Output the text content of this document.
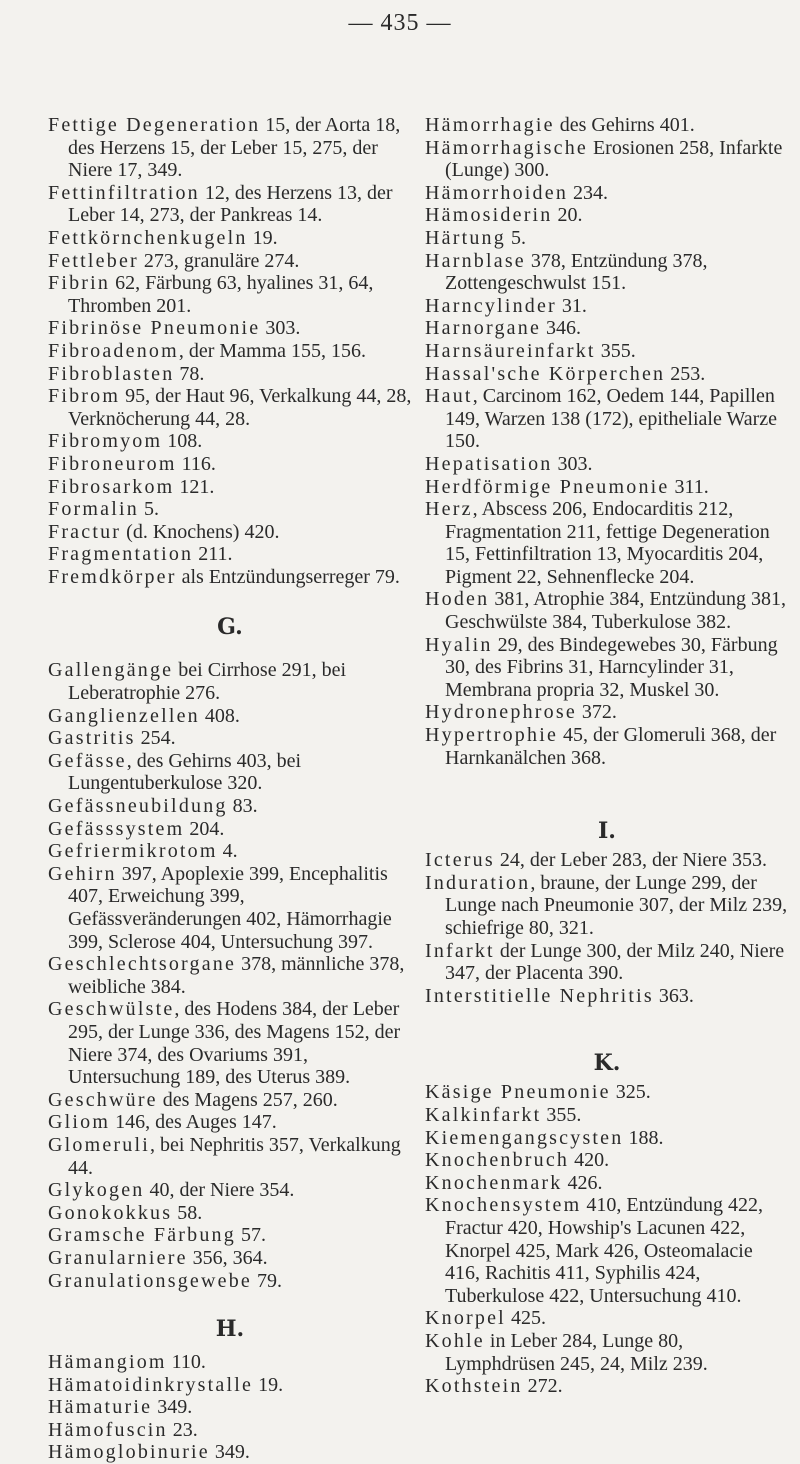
— 435 —
Fettige Degeneration 15, der Aorta 18, des Herzens 15, der Leber 15, 275, der Niere 17, 349.
Fettinfiltration 12, des Herzens 13, der Leber 14, 273, der Pankreas 14.
Fettkörnchenkugeln 19.
Fettleber 273, granuläre 274.
Fibrin 62, Färbung 63, hyalines 31, 64, Thromben 201.
Fibrinöse Pneumonie 303.
Fibroadenom, der Mamma 155, 156.
Fibroblasten 78.
Fibrom 95, der Haut 96, Verkalkung 44, 28, Verknöcherung 44, 28.
Fibromyom 108.
Fibroneurom 116.
Fibrosarkom 121.
Formalin 5.
Fractur (d. Knochens) 420.
Fragmentation 211.
Fremdkörper als Entzündungserreger 79.
G.
Gallengänge bei Cirrhose 291, bei Leberatrophie 276.
Ganglienzellen 408.
Gastritis 254.
Gefässe, des Gehirns 403, bei Lungentuberkulose 320.
Gefässneubildung 83.
Gefässsystem 204.
Gefriermikrotom 4.
Gehirn 397, Apoplexie 399, Encephalitis 407, Erweichung 399, Gefässveränderungen 402, Hämorrhagie 399, Sclerose 404, Untersuchung 397.
Geschlechtsorgane 378, männliche 378, weibliche 384.
Geschwülste, des Hodens 384, der Leber 295, der Lunge 336, des Magens 152, der Niere 374, des Ovariums 391, Untersuchung 189, des Uterus 389.
Geschwüre des Magens 257, 260.
Gliom 146, des Auges 147.
Glomeruli, bei Nephritis 357, Verkalkung 44.
Glykogen 40, der Niere 354.
Gonokokkus 58.
Gramsche Färbung 57.
Granularniere 356, 364.
Granulationsgewebe 79.
H.
Hämangiom 110.
Hämatoidinkrystalle 19.
Hämaturie 349.
Hämofuscin 23.
Hämoglobinurie 349.
Hämorrhagie des Gehirns 401.
Hämorrhagische Erosionen 258, Infarkte (Lunge) 300.
Hämorrhoiden 234.
Hämosiderin 20.
Härtung 5.
Harnblase 378, Entzündung 378, Zottengeschwulst 151.
Harncylinder 31.
Harnorgane 346.
Harnsäureinfarkt 355.
Hassal'sche Körperchen 253.
Haut, Carcinom 162, Oedem 144, Papillen 149, Warzen 138 (172), epitheliale Warze 150.
Hepatisation 303.
Herdförmige Pneumonie 311.
Herz, Abscess 206, Endocarditis 212, Fragmentation 211, fettige Degeneration 15, Fettinfiltration 13, Myocarditis 204, Pigment 22, Sehnenflecke 204.
Hoden 381, Atrophie 384, Entzündung 381, Geschwülste 384, Tuberkulose 382.
Hyalin 29, des Bindegewebes 30, Färbung 30, des Fibrins 31, Harncylinder 31, Membrana propria 32, Muskel 30.
Hydronephrose 372.
Hypertrophie 45, der Glomeruli 368, der Harnkanälchen 368.
I.
Icterus 24, der Leber 283, der Niere 353.
Induration, braune, der Lunge 299, der Lunge nach Pneumonie 307, der Milz 239, schiefrige 80, 321.
Infarkt der Lunge 300, der Milz 240, Niere 347, der Placenta 390.
Interstitielle Nephritis 363.
K.
Käsige Pneumonie 325.
Kalkinfarkt 355.
Kiemengangscysten 188.
Knochenbruch 420.
Knochenmark 426.
Knochensystem 410, Entzündung 422, Fractur 420, Howship's Lacunen 422, Knorpel 425, Mark 426, Osteomalacie 416, Rachitis 411, Syphilis 424, Tuberkulose 422, Untersuchung 410.
Knorpel 425.
Kohle in Leber 284, Lunge 80, Lymphdrüsen 245, 24, Milz 239.
Kothstein 272.
